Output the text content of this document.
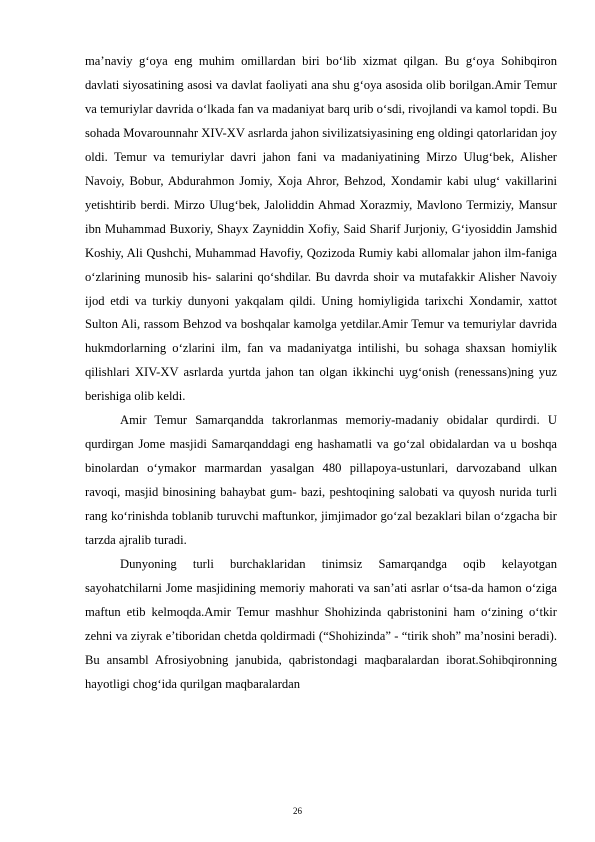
ma’naviy g‘oya eng muhim omillardan biri bo‘lib xizmat qilgan. Bu g‘oya Sohibqiron davlati siyosatining asosi va davlat faoliyati ana shu g‘oya asosida olib borilgan.Amir Temur va temuriylar davrida o‘lkada fan va madaniyat barq urib o‘sdi, rivojlandi va kamol topdi. Bu sohada Movarounnahr XIV-XV asrlarda jahon sivilizatsiyasining eng oldingi qatorlaridan joy oldi. Temur va temuriylar davri jahon fani va madaniyatining Mirzo Ulug‘bek, Alisher Navoiy, Bobur, Abdurahmon Jomiy, Xoja Ahror, Behzod, Xondamir kabi ulug‘ vakillarini yetishtirib berdi. Mirzo Ulug‘bek, Jaloliddin Ahmad Xorazmiy, Mavlono Termiziy, Mansur ibn Muhammad Buxoriy, Shayx Zayniddin Xofiy, Said Sharif Jurjoniy, G‘iyosiddin Jamshid Koshiy, Ali Qushchi, Muhammad Havofiy, Qozizoda Rumiy kabi allomalar jahon ilm-faniga o‘zlarining munosib his- salarini qo‘shdilar. Bu davrda shoir va mutafakkir Alisher Navoiy ijod etdi va turkiy dunyoni yakqalam qildi. Uning homiyligida tarixchi Xondamir, xattot Sulton Ali, rassom Behzod va boshqalar kamolga yetdilar.Amir Temur va temuriylar davrida hukmdorlarning o‘zlarini ilm, fan va madaniyatga intilishi, bu sohaga shaxsan homiylik qilishlari XIV-XV asrlarda yurtda jahon tan olgan ikkinchi uyg‘onish (renessans)ning yuz berishiga olib keldi.

Amir Temur Samarqandda takrorlanmas memoriy-madaniy obidalar qurdirdi. U qurdirgan Jome masjidi Samarqanddagi eng hashamatli va go‘zal obidalardan va u boshqa binolardan o‘ymakor marmardan yasalgan 480 pillapoya-ustunlari, darvozaband ulkan ravoqi, masjid binosining bahaybat gum- bazi, peshtoqining salobati va quyosh nurida turli rang ko‘rinishda toblanib turuvchi maftunkor, jimjimador go‘zal bezaklari bilan o‘zgacha bir tarzda ajralib turadi.

Dunyoning turli burchaklaridan tinimsiz Samarqandga oqib kelayotgan sayohatchilarni Jome masjidining memoriy mahorati va san’ati asrlar o‘tsa-da hamon o‘ziga maftun etib kelmoqda.Amir Temur mashhur Shohizinda qabristonini ham o‘zining o‘tkir zehni va ziyrak e’tiboridan chetda qoldirmadi (“Shohizinda” - “tirik shoh” ma’nosini beradi). Bu ansambl Afrosiyobning janubida, qabristondagi maqbaralardan iborat.Sohibqironning hayotligi chog‘ida qurilgan maqbaralardan

26
